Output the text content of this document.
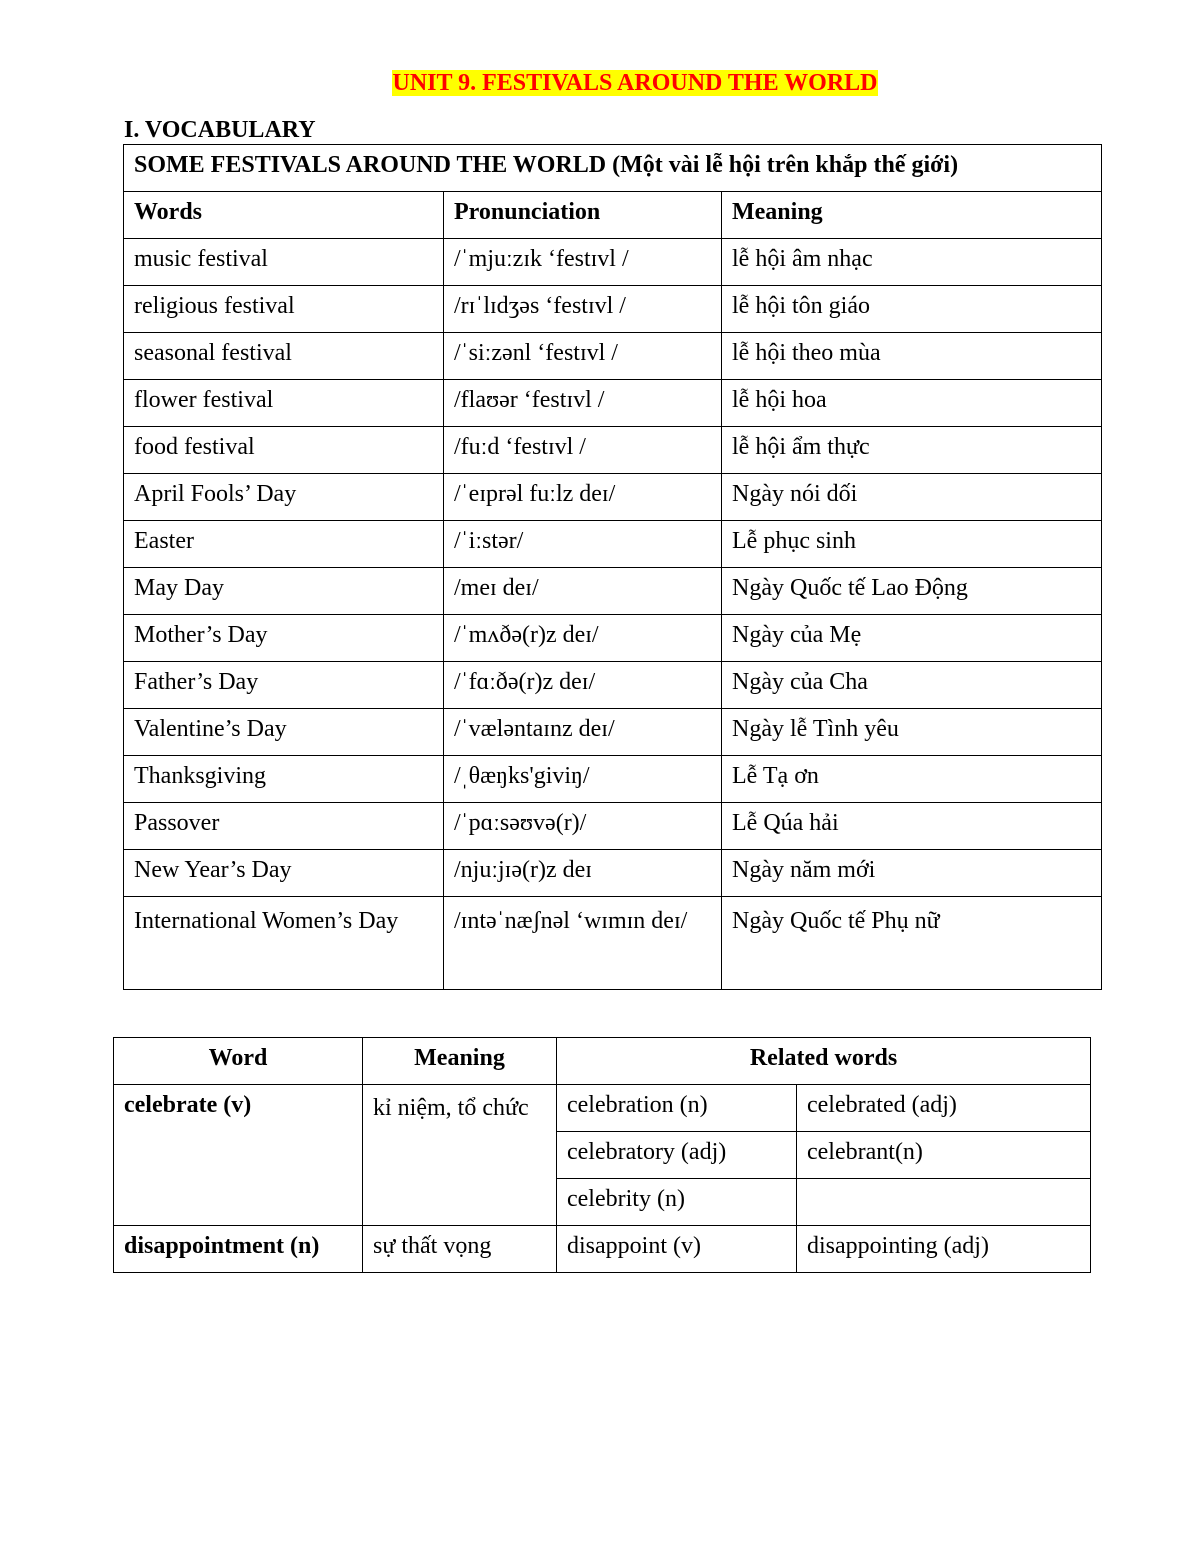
UNIT 9. FESTIVALS AROUND THE WORLD
I. VOCABULARY
SOME FESTIVALS AROUND THE WORLD (Một vài lễ hội trên khắp thế giới)		
Words	Pronunciation	Meaning
music festival	/ˈmjuːzɪk ‘festɪvl /	lễ hội âm nhạc
religious festival	/rɪˈlɪdʒəs ‘festɪvl /	lễ hội tôn giáo
seasonal festival	/ˈsiːzənl ‘festɪvl /	lễ hội theo mùa
flower festival	/flaʊər ‘festɪvl /	lễ hội hoa
food festival	/fuːd ‘festɪvl /	lễ hội ẩm thực
April Fools’ Day	/ˈeɪprəl fuːlz deɪ/	Ngày nói dối
Easter	/ˈiːstər/	Lễ phục sinh
May Day	/meɪ deɪ/	Ngày Quốc tế Lao Động
Mother’s Day	/ˈmʌðə(r)z deɪ/	Ngày của Mẹ
Father’s Day	/ˈfɑːðə(r)z deɪ/	Ngày của Cha
Valentine’s Day	/ˈvæləntaɪnz deɪ/	Ngày lễ Tình yêu
Thanksgiving	/ˌθæŋks'giviŋ/	Lễ Tạ ơn
Passover	/ˈpɑːsəʊvə(r)/	Lễ Qúa hải
New Year’s Day	/njuːjɪə(r)z deɪ	Ngày năm mới
International Women’s Day	/ɪntəˈnæʃnəl ‘wɪmɪn deɪ/	Ngày Quốc tế Phụ nữ
Word	Meaning	Related words	
celebrate (v)	kỉ niệm, tổ chức	celebration (n)	celebrated (adj)
		celebratory (adj)	celebrant(n)
		celebrity (n)	
disappointment (n)	sự thất vọng	disappoint (v)	disappointing (adj)
